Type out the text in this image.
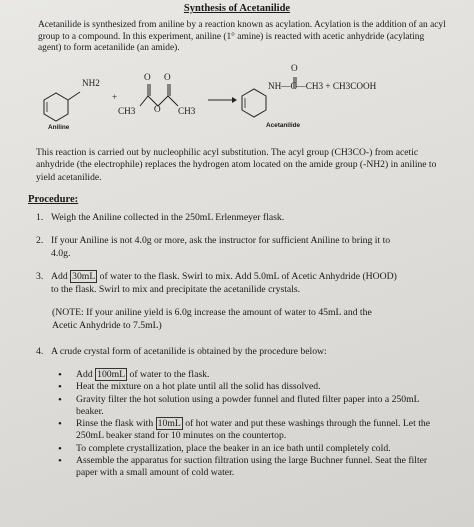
Synthesis of Acetanilide
Acetanilide is synthesized from aniline by a reaction known as acylation. Acylation is the addition of an acyl group to a compound. In this experiment, aniline (1° amine) is reacted with acetic anhydride (acylating agent) to form acetanilide (an amide).
NH2
+
O O
O
CH3	CH3
O
NH—C—CH3 + CH3COOH
Aniline	Acetanilide
This reaction is carried out by nucleophilic acyl substitution. The acyl group (CH3CO-) from acetic anhydride (the electrophile) replaces the hydrogen atom located on the amide group (-NH2) in aniline to yield acetanilide.
Procedure:
1. Weigh the Aniline collected in the 250mL Erlenmeyer flask.
2. If your Aniline is not 4.0g or more, ask the instructor for sufficient Aniline to bring it to
4.0g.
3. Add 30mL of water to the flask. Swirl to mix. Add 5.0mL of Acetic Anhydride (HOOD)
to the flask. Swirl to mix and precipitate the acetanilide crystals.
(NOTE: If your aniline yield is 6.0g increase the amount of water to 45mL and the
Acetic Anhydride to 7.5mL)
4. A crude crystal form of acetanilide is obtained by the procedure below:

• Add 100mL of water to the flask.

• Heat the mixture on a hot plate until all the solid has dissolved.

• Gravity filter the hot solution using a powder funnel and fluted filter paper into a 250mL beaker.

• Rinse the flask with 10mL of hot water and put these washings through the funnel. Let the 250mL beaker stand for 10 minutes on the countertop.

• To complete crystallization, place the beaker in an ice bath until completely cold.

• Assemble the apparatus for suction filtration using the large Buchner funnel. Seat the filter paper with a small amount of cold water.
